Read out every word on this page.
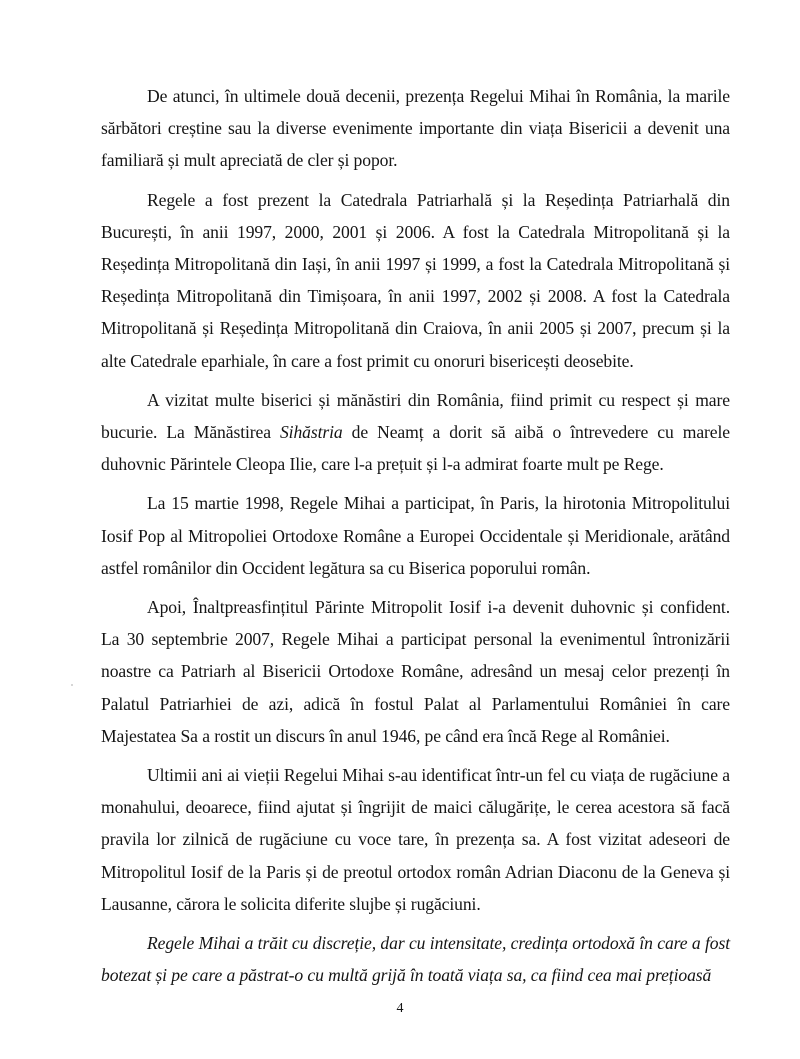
De atunci, în ultimele două decenii, prezența Regelui Mihai în România, la marile sărbători creștine sau la diverse evenimente importante din viața Bisericii a devenit una familiară și mult apreciată de cler și popor.

Regele a fost prezent la Catedrala Patriarhală și la Reședința Patriarhală din București, în anii 1997, 2000, 2001 și 2006. A fost la Catedrala Mitropolitană și la Reședința Mitropolitană din Iași, în anii 1997 și 1999, a fost la Catedrala Mitropolitană și Reședința Mitropolitană din Timișoara, în anii 1997, 2002 și 2008. A fost la Catedrala Mitropolitană și Reședința Mitropolitană din Craiova, în anii 2005 și 2007, precum și la alte Catedrale eparhiale, în care a fost primit cu onoruri bisericești deosebite.

A vizitat multe biserici și mănăstiri din România, fiind primit cu respect și mare bucurie. La Mănăstirea Sihăstria de Neamț a dorit să aibă o întrevedere cu marele duhovnic Părintele Cleopa Ilie, care l-a prețuit și l-a admirat foarte mult pe Rege.

La 15 martie 1998, Regele Mihai a participat, în Paris, la hirotonia Mitropolitului Iosif Pop al Mitropoliei Ortodoxe Române a Europei Occidentale și Meridionale, arătând astfel românilor din Occident legătura sa cu Biserica poporului român.

Apoi, Înaltpreasfințitul Părinte Mitropolit Iosif i-a devenit duhovnic și confident. La 30 septembrie 2007, Regele Mihai a participat personal la evenimentul întronizării noastre ca Patriarh al Bisericii Ortodoxe Române, adresând un mesaj celor prezenți în Palatul Patriarhiei de azi, adică în fostul Palat al Parlamentului României în care Majestatea Sa a rostit un discurs în anul 1946, pe când era încă Rege al României.

Ultimii ani ai vieții Regelui Mihai s-au identificat într-un fel cu viața de rugăciune a monahului, deoarece, fiind ajutat și îngrijit de maici călugărițe, le cerea acestora să facă pravila lor zilnică de rugăciune cu voce tare, în prezența sa. A fost vizitat adeseori de Mitropolitul Iosif de la Paris și de preotul ortodox român Adrian Diaconu de la Geneva și Lausanne, cărora le solicita diferite slujbe și rugăciuni.

Regele Mihai a trăit cu discreție, dar cu intensitate, credința ortodoxă în care a fost botezat și pe care a păstrat-o cu multă grijă în toată viața sa, ca fiind cea mai prețioasă

4
